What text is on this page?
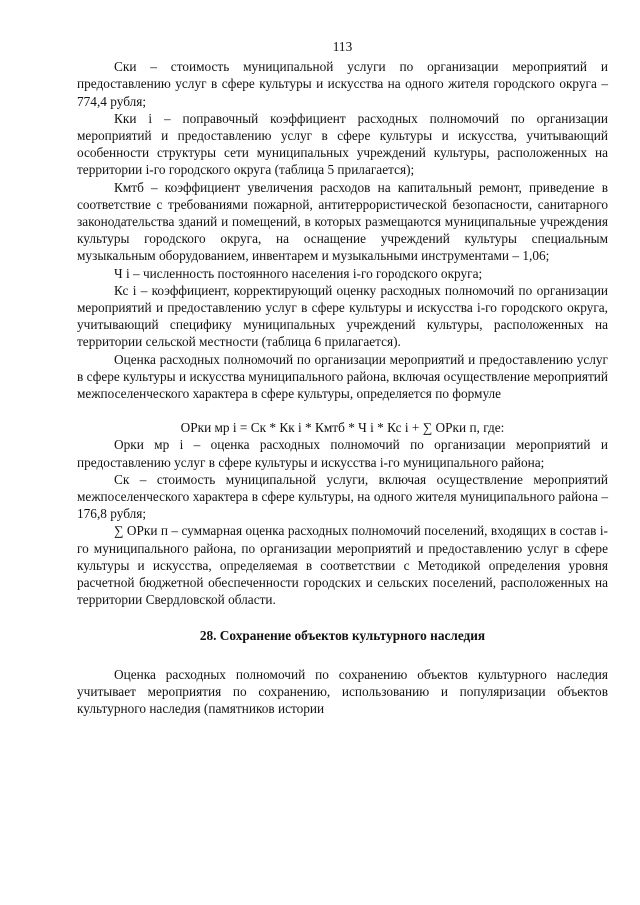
113

Cки – стоимость муниципальной услуги по организации мероприятий и предоставлению услуг в сфере культуры и искусства на одного жителя городского округа – 774,4 рубля;

Кки i – поправочный коэффициент расходных полномочий по организации мероприятий и предоставлению услуг в сфере культуры и искусства, учитывающий особенности структуры сети муниципальных учреждений культуры, расположенных на территории i-го городского округа (таблица 5 прилагается);

Кмтб – коэффициент увеличения расходов на капитальный ремонт, приведение в соответствие с требованиями пожарной, антитеррористической безопасности, санитарного законодательства зданий и помещений, в которых размещаются муниципальные учреждения культуры городского округа, на оснащение учреждений культуры специальным музыкальным оборудованием, инвентарем и музыкальными инструментами – 1,06;

Ч i – численность постоянного населения i-го городского округа;

Кс i – коэффициент, корректирующий оценку расходных полномочий по организации мероприятий и предоставлению услуг в сфере культуры и искусства i-го городского округа, учитывающий специфику муниципальных учреждений культуры, расположенных на территории сельской местности (таблица 6 прилагается).

Оценка расходных полномочий по организации мероприятий и предоставлению услуг в сфере культуры и искусства муниципального района, включая осуществление мероприятий межпоселенческого характера в сфере культуры, определяется по формуле

ОРки мр i = Ск * Кк i * Кмтб * Ч i * Кс i + ∑ ОРки п, где:

Орки мр i – оценка расходных полномочий по организации мероприятий и предоставлению услуг в сфере культуры и искусства i-го муниципального района;

Ск – стоимость муниципальной услуги, включая осуществление мероприятий межпоселенческого характера в сфере культуры, на одного жителя муниципального района – 176,8 рубля;

∑ ОРки п – суммарная оценка расходных полномочий поселений, входящих в состав i-го муниципального района, по организации мероприятий и предоставлению услуг в сфере культуры и искусства, определяемая в соответствии с Методикой определения уровня расчетной бюджетной обеспеченности городских и сельских поселений, расположенных на территории Свердловской области.

28. Сохранение объектов культурного наследия

Оценка расходных полномочий по сохранению объектов культурного наследия учитывает мероприятия по сохранению, использованию и популяризации объектов культурного наследия (памятников истории
